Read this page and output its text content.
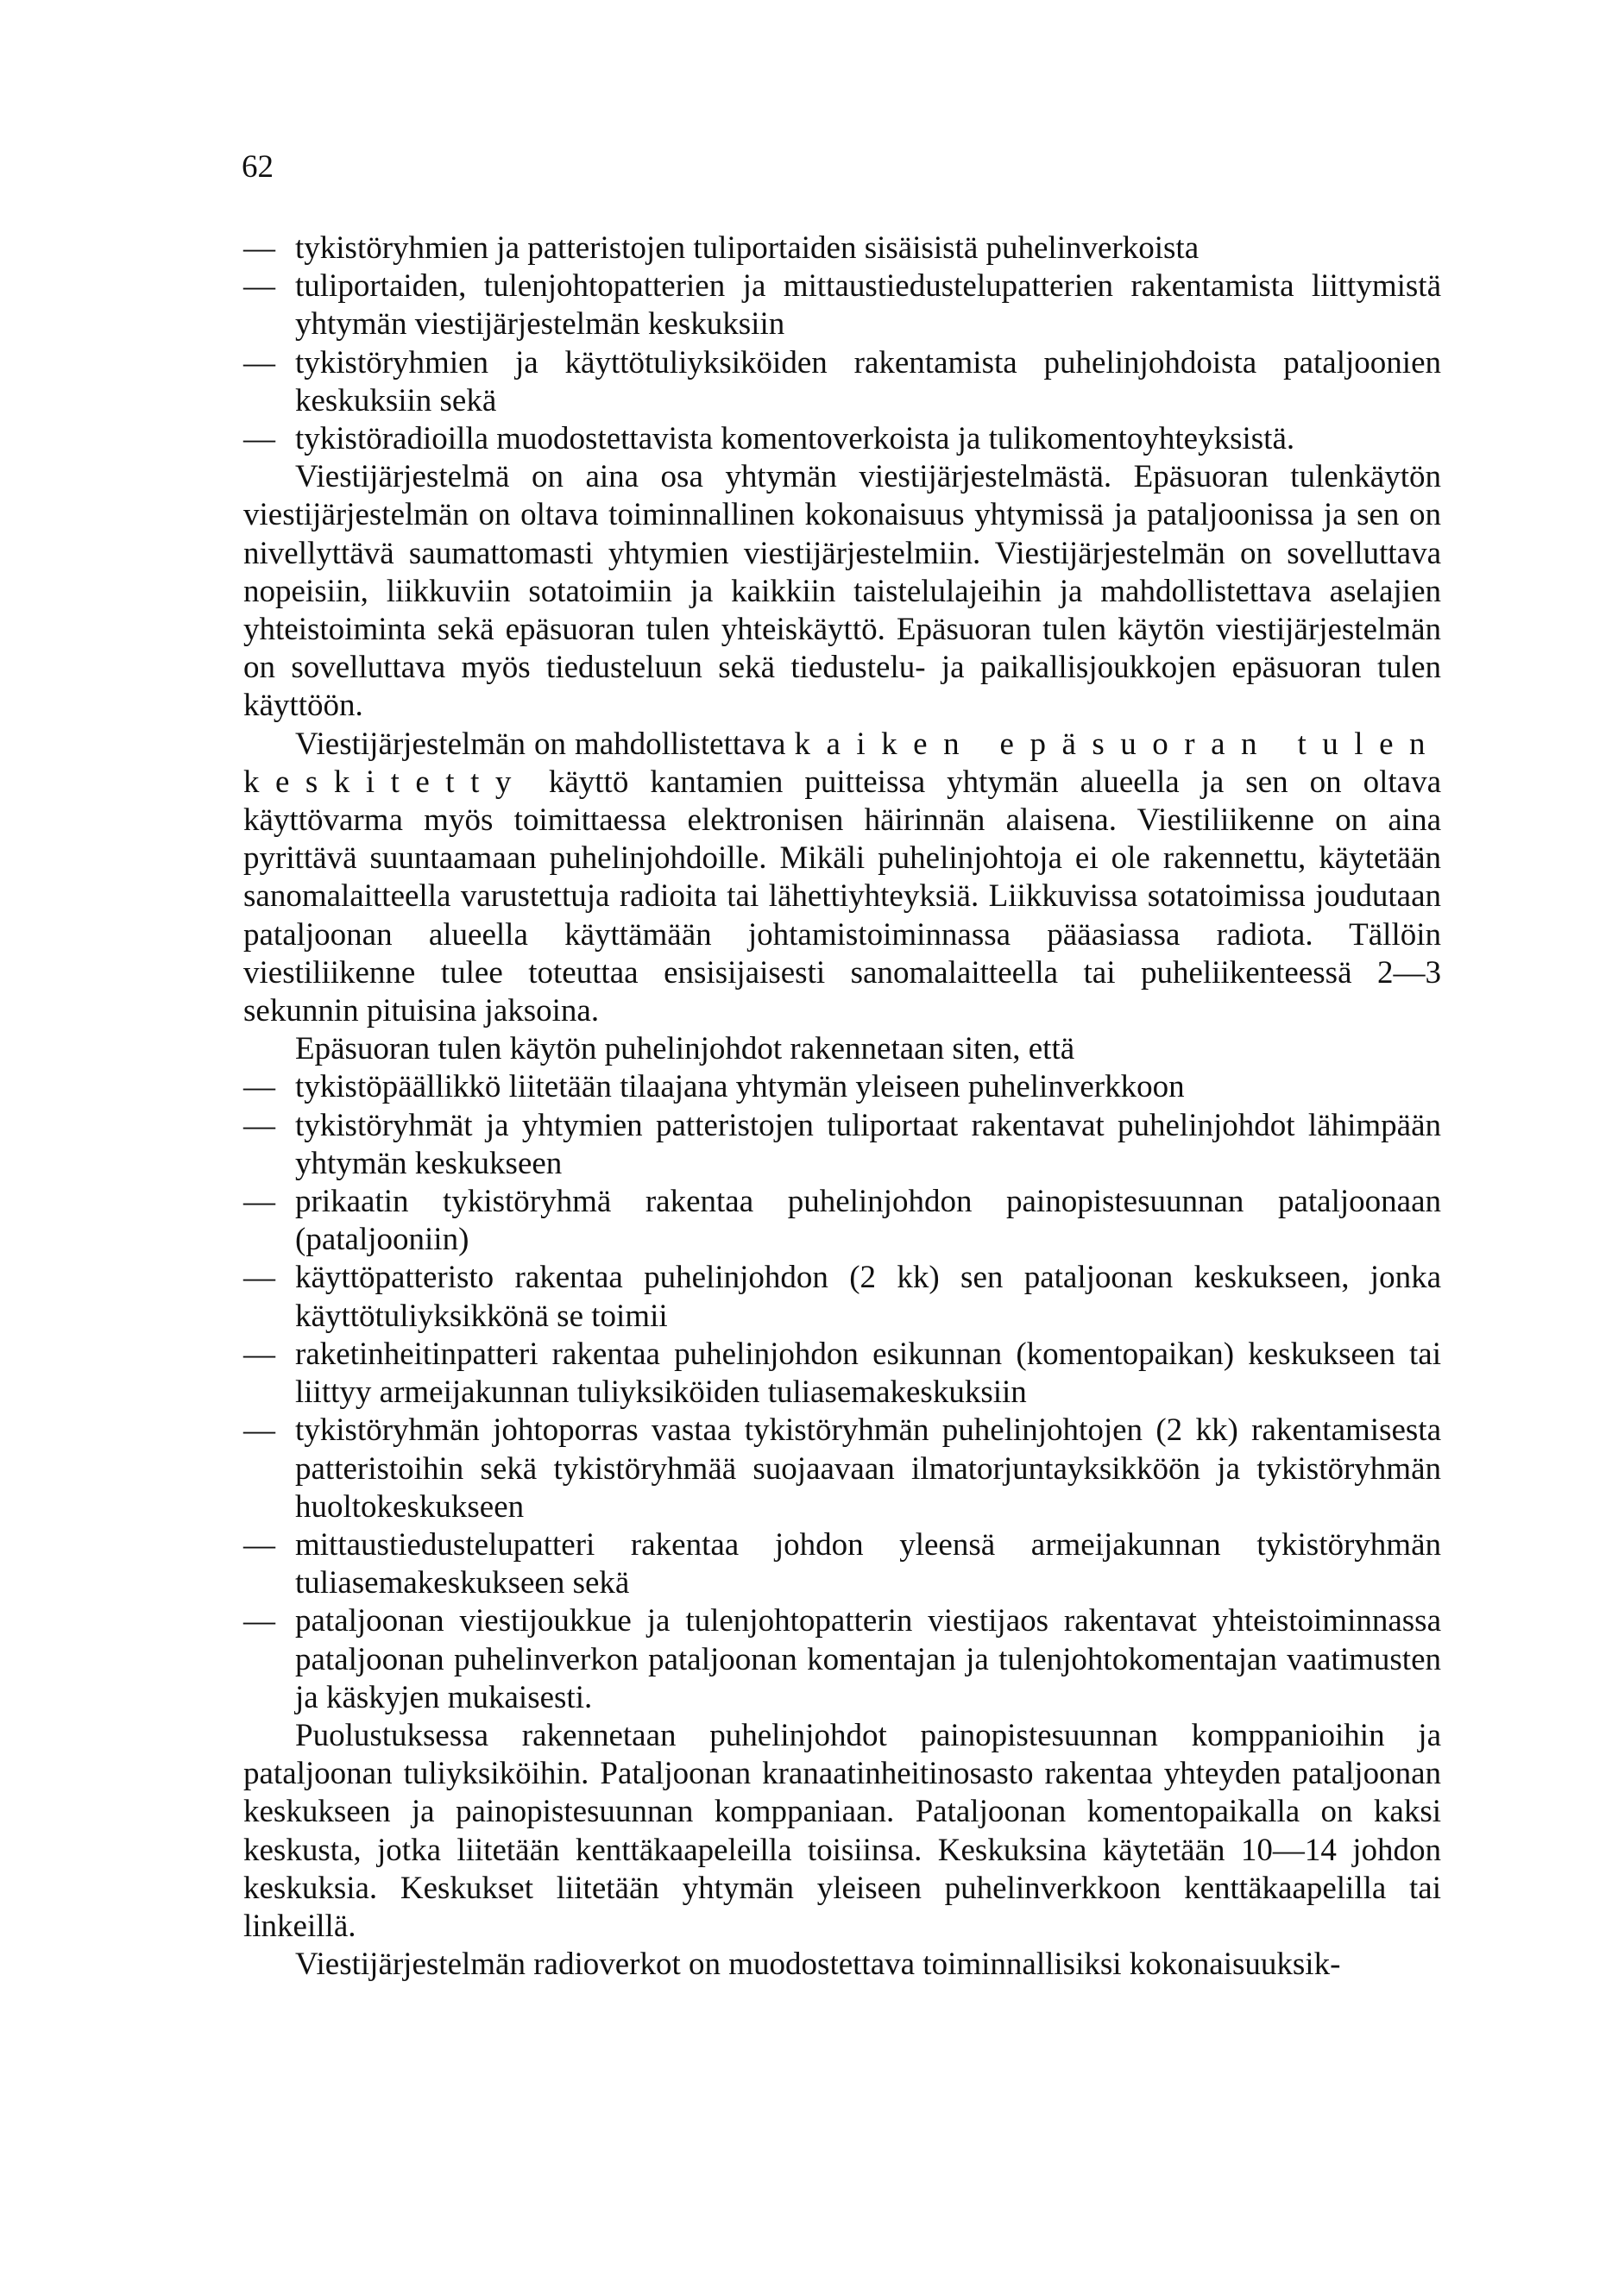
62
— tykistöryhmien ja patteristojen tuliportaiden sisäisistä puhelinverkoista
— tuliportaiden, tulenjohtopatterien ja mittaustiedustelupatterien rakentamista liittymistä yhtymän viestijärjestelmän keskuksiin
— tykistöryhmien ja käyttötuliyksiköiden rakentamista puhelinjohdoista pataljoonien keskuksiin sekä
— tykistöradioilla muodostettavista komentoverkoista ja tulikomentoyhteyksistä.

Viestijärjestelmä on aina osa yhtymän viestijärjestelmästä. Epäsuoran tulenkäytön viestijärjestelmän on oltava toiminnallinen kokonaisuus yhtymissä ja pataljoonissa ja sen on nivellyttävä saumattomasti yhtymien viestijärjestelmiin. Viestijärjestelmän on sovelluttava nopeisiin, liikkuviin sotatoimiin ja kaikkiin taistelulajeihin ja mahdollistettava aselajien yhteistoiminta sekä epäsuoran tulen yhteiskäyttö. Epäsuoran tulen käytön viestijärjestelmän on sovelluttava myös tiedusteluun sekä tiedustelu- ja paikallisjoukkojen epäsuoran tulen käyttöön.

Viestijärjestelmän on mahdollistettava kaiken epäsuoran tulen keskitetty käyttö kantamien puitteissa yhtymän alueella ja sen on oltava käyttövarma myös toimittaessa elektronisen häirinnän alaisena. Viestiliikenne on aina pyrittävä suuntaamaan puhelinjohdoille. Mikäli puhelinjohtoja ei ole rakennettu, käytetään sanomalaitteella varustettuja radioita tai lähettiyhteyksiä. Liikkuvissa sotatoimissa joudutaan pataljoonan alueella käyttämään johtamistoiminnassa pääasiassa radiota. Tällöin viestiliikenne tulee toteuttaa ensisijaisesti sanomalaitteella tai puheliikenteessä 2—3 sekunnin pituisina jaksoina.

Epäsuoran tulen käytön puhelinjohdot rakennetaan siten, että

— tykistöpäällikkö liitetään tilaajana yhtymän yleiseen puhelinverkkoon
— tykistöryhmät ja yhtymien patteristojen tuliportaat rakentavat puhelinjohdot lähimpään yhtymän keskukseen
— prikaatin tykistöryhmä rakentaa puhelinjohdon painopistesuunnan pataljoonaan (pataljooniin)
— käyttöpatteristo rakentaa puhelinjohdon (2 kk) sen pataljoonan keskukseen, jonka käyttötuliyksikkönä se toimii
— raketinheitinpatteri rakentaa puhelinjohdon esikunnan (komentopaikan) keskukseen tai liittyy armeijakunnan tuliyksiköiden tuliasemakeskuksiin
— tykistöryhmän johtoporras vastaa tykistöryhmän puhelinjohtojen (2 kk) rakentamisesta patteristoihin sekä tykistöryhmää suojaavaan ilmatorjuntayksikköön ja tykistöryhmän huoltokeskukseen
— mittaustiedustelupatteri rakentaa johdon yleensä armeijakunnan tykistöryhmän tuliasemakeskukseen sekä
— pataljoonan viestijoukkue ja tulenjohtopatterin viestijaos rakentavat yhteistoiminnassa pataljoonan puhelinverkon pataljoonan komentajan ja tulenjohtokomentajan vaatimusten ja käskyjen mukaisesti.

Puolustuksessa rakennetaan puhelinjohdot painopistesuunnan komppanioihin ja pataljoonan tuliyksiköihin. Pataljoonan kranaatinheitinosasto rakentaa yhteyden pataljoonan keskukseen ja painopistesuunnan komppaniaan. Pataljoonan komentopaikalla on kaksi keskusta, jotka liitetään kenttäkaapeleilla toisiinsa. Keskuksina käytetään 10—14 johdon keskuksia. Keskukset liitetään yhtymän yleiseen puhelinverkkoon kenttäkaapelilla tai linkeillä.

Viestijärjestelmän radioverkot on muodostettava toiminnallisiksi kokonaisuuksik-
